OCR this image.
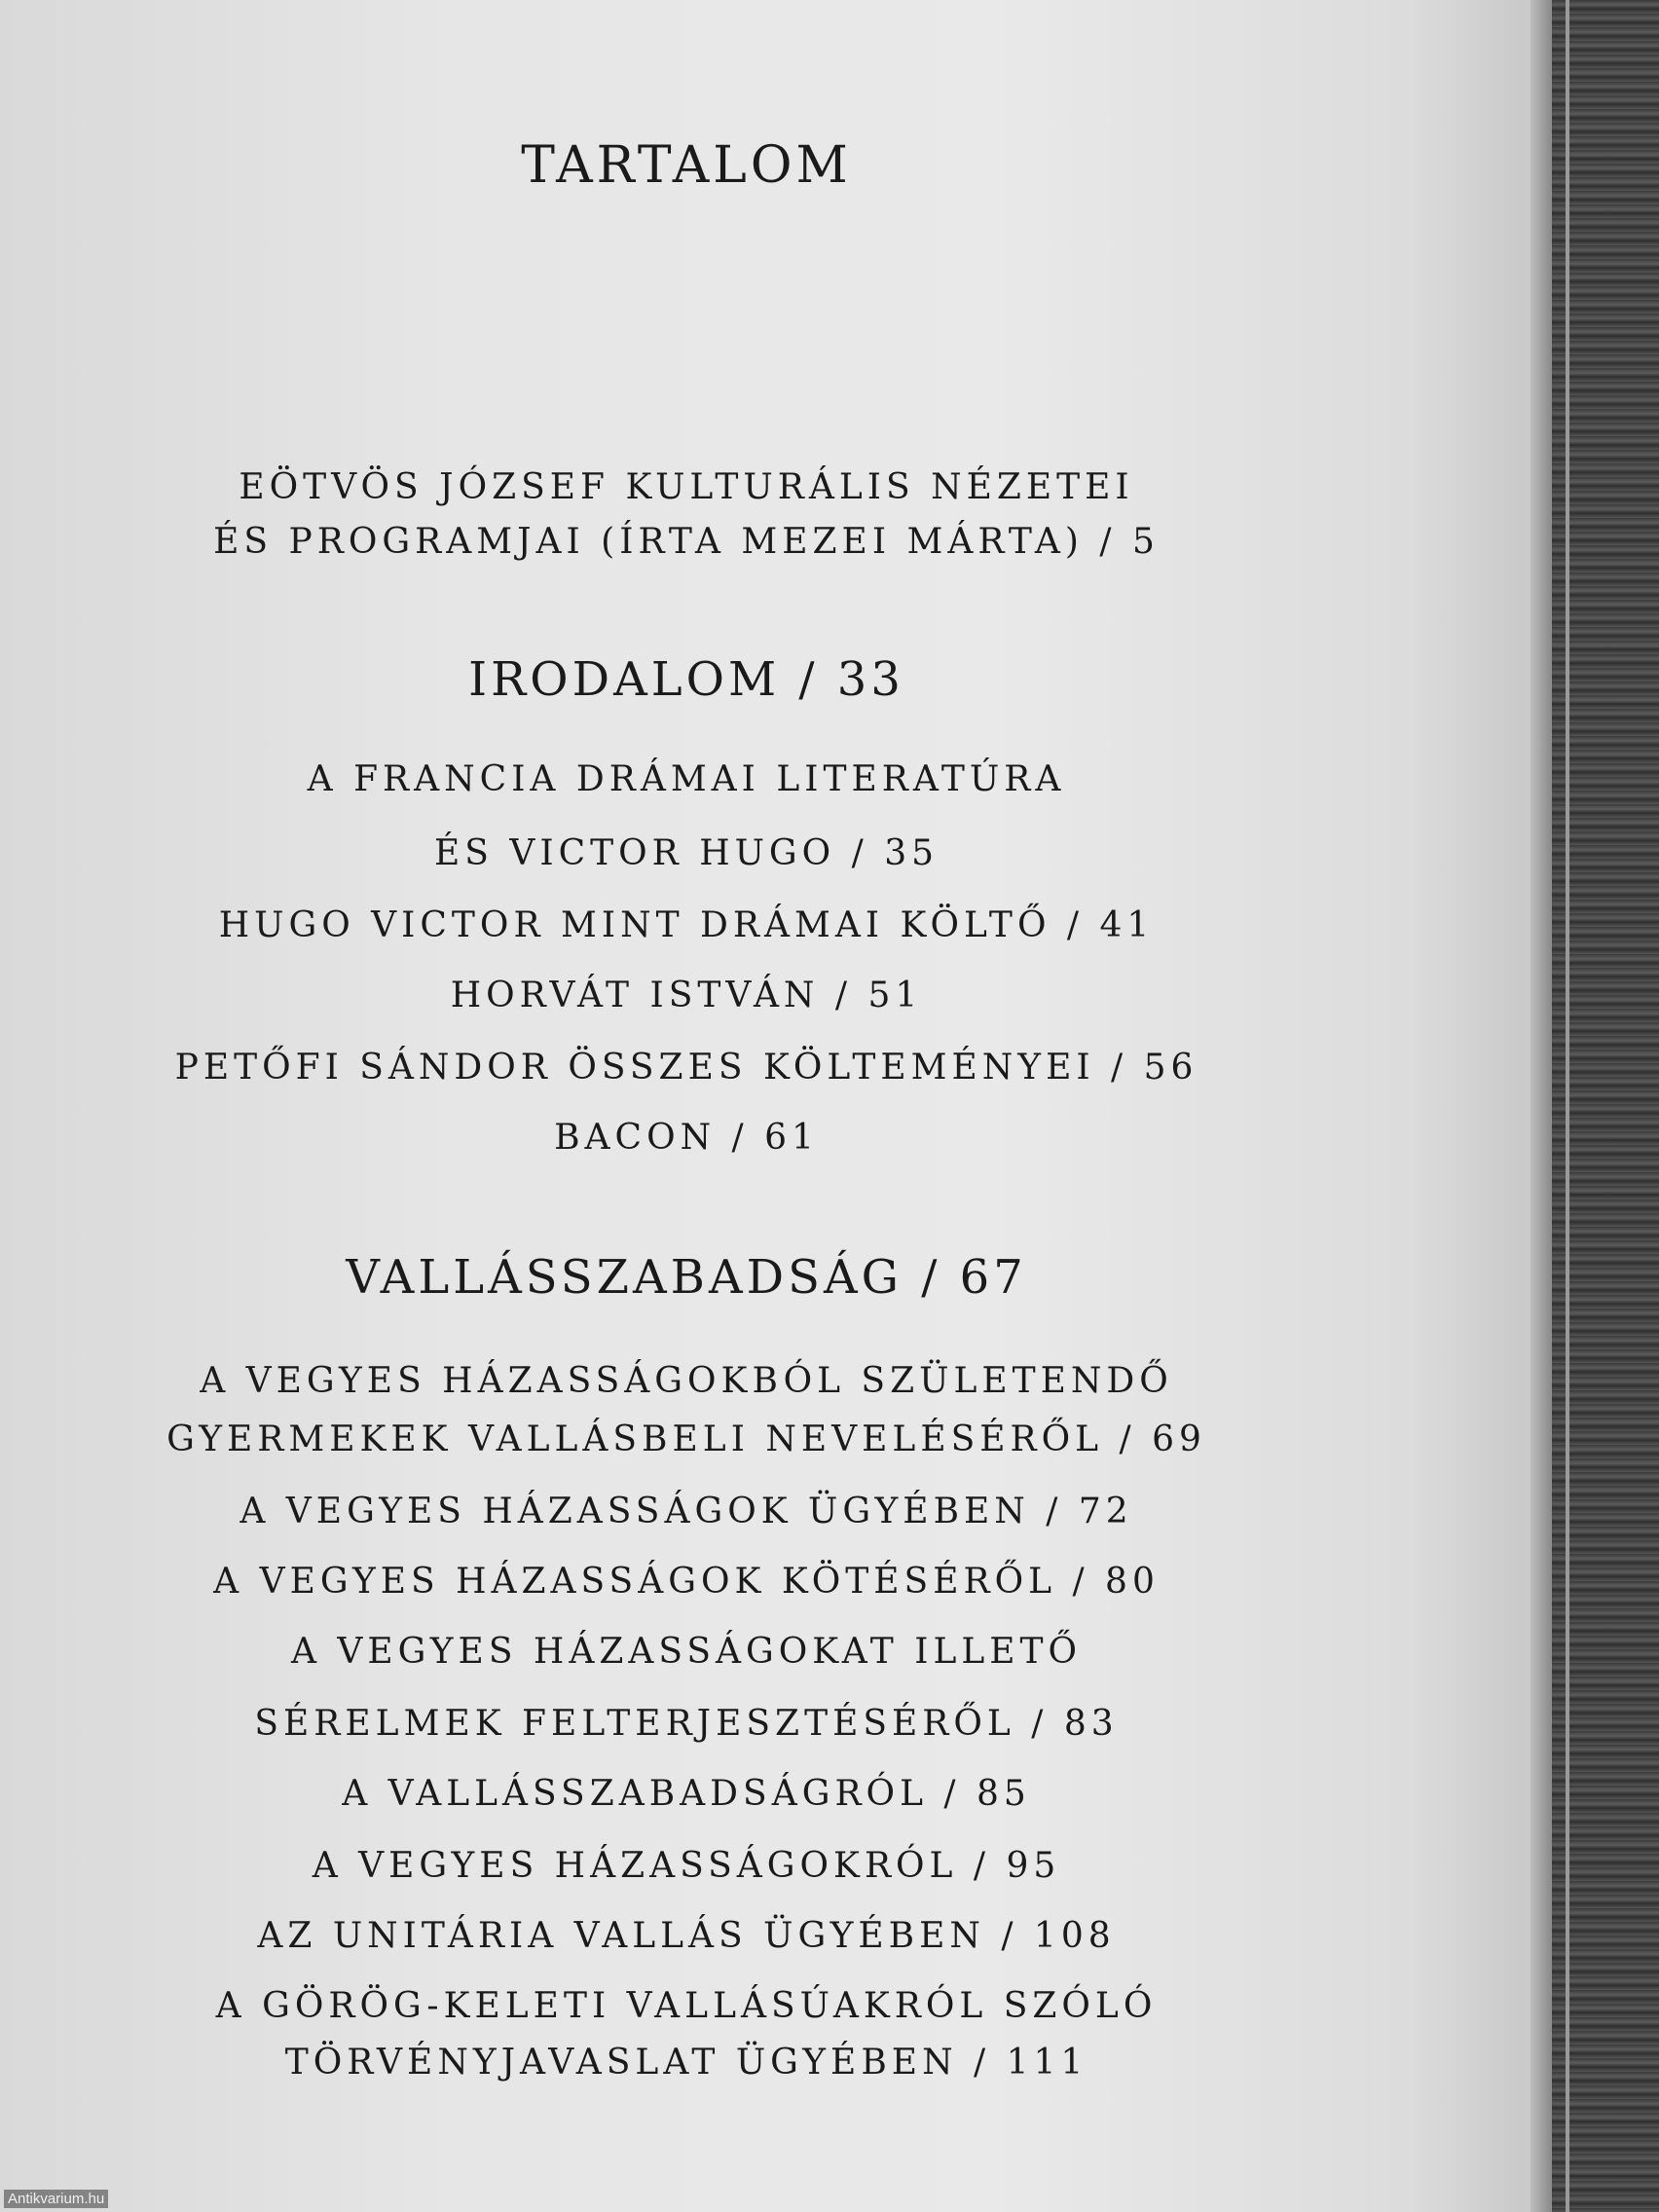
TARTALOM
EÖTVÖS JÓZSEF KULTURÁLIS NÉZETEI
ÉS PROGRAMJAI (ÍRTA MEZEI MÁRTA) / 5
IRODALOM / 33
A FRANCIA DRÁMAI LITERATÚRA
ÉS VICTOR HUGO / 35
HUGO VICTOR MINT DRÁMAI KÖLTŐ / 41
HORVÁT ISTVÁN / 51
PETŐFI SÁNDOR ÖSSZES KÖLTEMÉNYEI / 56
BACON / 61
VALLÁSSZABADSÁG / 67
A VEGYES HÁZASSÁGOKBÓL SZÜLETENDŐ
GYERMEKEK VALLÁSBELI NEVELÉSÉRŐL / 69
A VEGYES HÁZASSÁGOK ÜGYÉBEN / 72
A VEGYES HÁZASSÁGOK KÖTÉSÉRŐL / 80
A VEGYES HÁZASSÁGOKAT ILLETŐ
SÉRELMEK FELTERJESZTÉSÉRŐL / 83
A VALLÁSSZABADSÁGRÓL / 85
A VEGYES HÁZASSÁGOKRÓL / 95
AZ UNITÁRIA VALLÁS ÜGYÉBEN / 108
A GÖRÖG-KELETI VALLÁSÚAKRÓL SZÓLÓ
TÖRVÉNYJAVASLAT ÜGYÉBEN / 111
Antikvarium.hu
